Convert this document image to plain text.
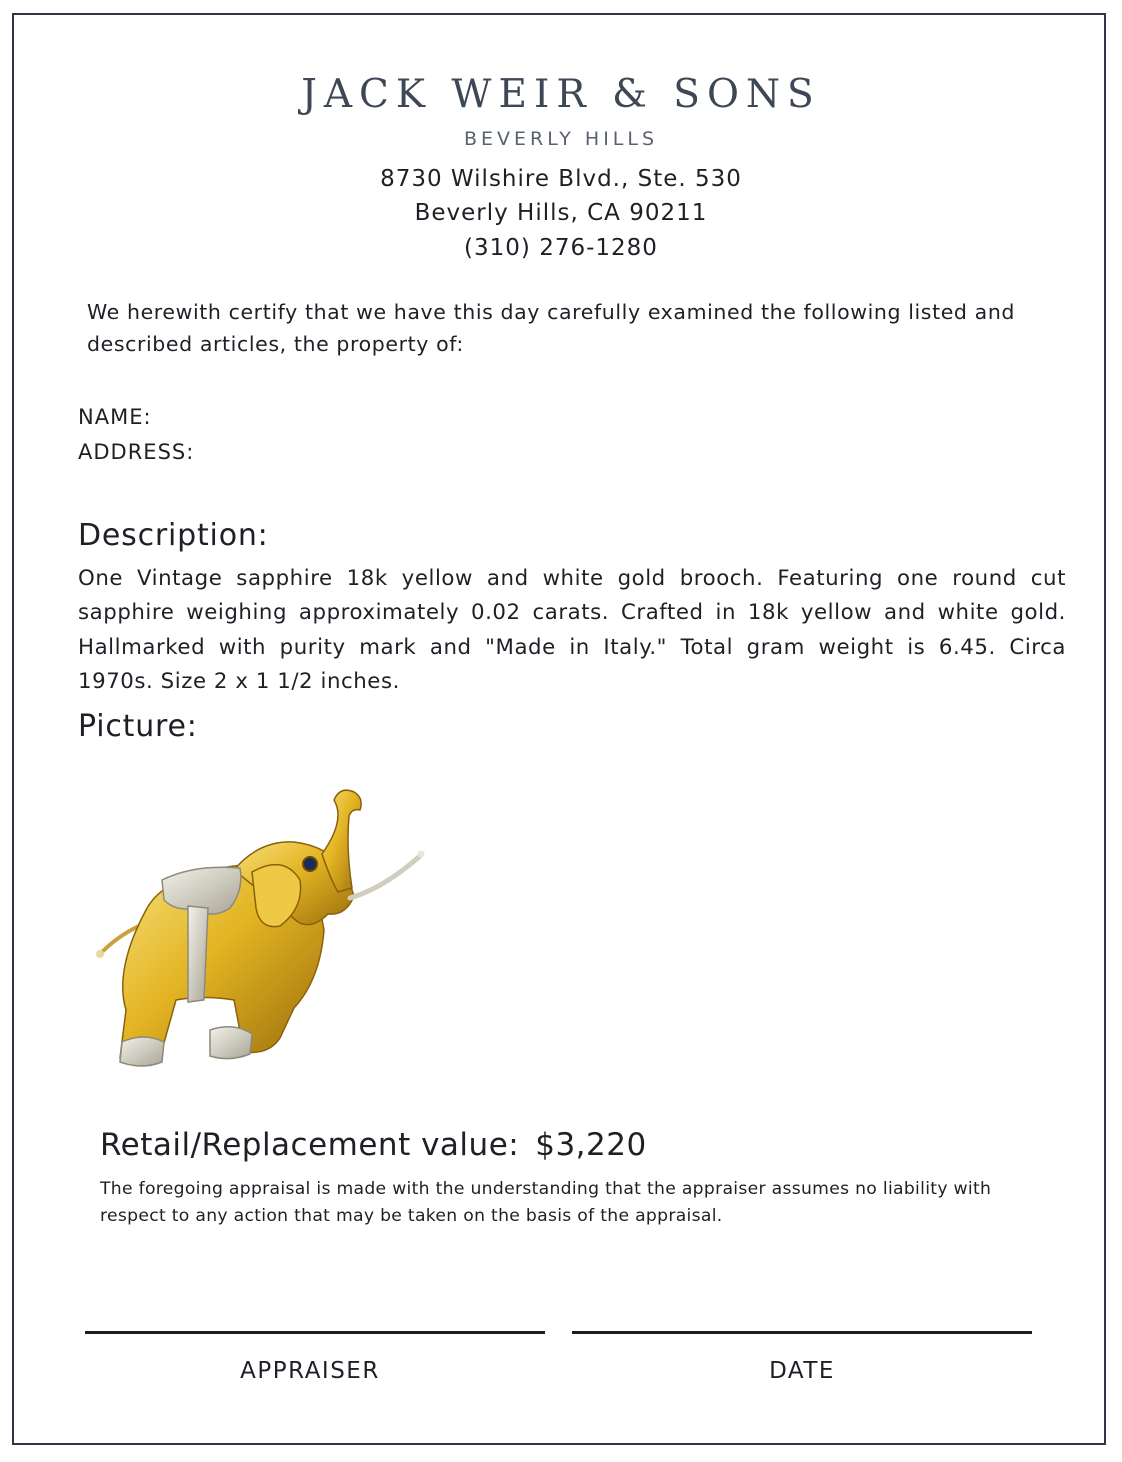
JACK WEIR & SONS
BEVERLY HILLS
8730 Wilshire Blvd., Ste. 530
Beverly Hills, CA 90211
(310) 276-1280
We herewith certify that we have this day carefully examined the following listed and described articles, the property of:
NAME:
ADDRESS:
Description:
One Vintage sapphire 18k yellow and white gold brooch. Featuring one round cut sapphire weighing approximately 0.02 carats. Crafted in 18k yellow and white gold. Hallmarked with purity mark and "Made in Italy." Total gram weight is 6.45. Circa 1970s. Size 2 x 1 1/2 inches.
Picture:
Retail/Replacement value: $3,220
The foregoing appraisal is made with the understanding that the appraiser assumes no liability with respect to any action that may be taken on the basis of the appraisal.
APPRAISER	DATE
